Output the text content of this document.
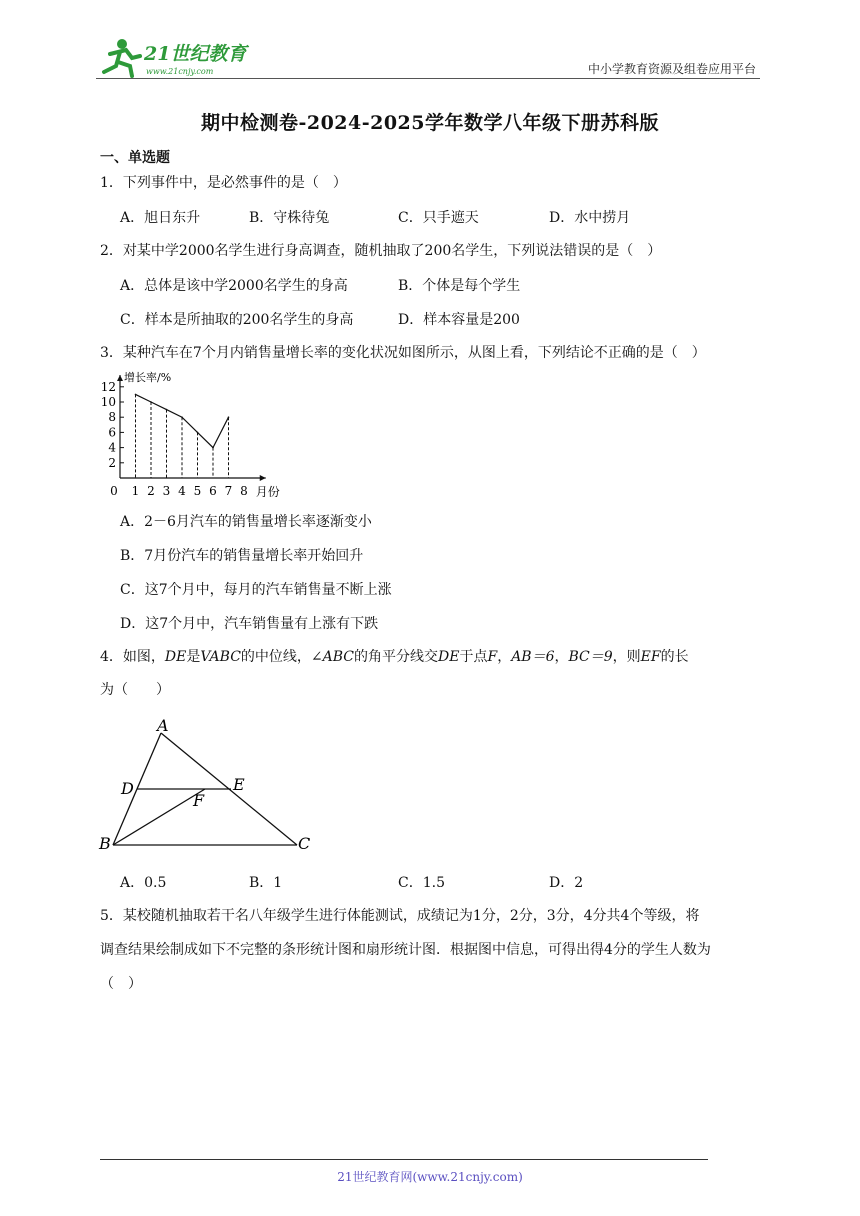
21世纪教育
www.21cnjy.com	中小学教育资源及组卷应用平台
期中检测卷-2024-2025学年数学八年级下册苏科版
一、单选题
1．下列事件中，是必然事件的是（　）
A．旭日东升	B．守株待兔	C．只手遮天	D．水中捞月
2．对某中学2000名学生进行身高调查，随机抽取了200名学生，下列说法错误的是（　）
A．总体是该中学2000名学生的身高	B．个体是每个学生
C．样本是所抽取的200名学生的身高	D．样本容量是200
3．某种汽车在7个月内销售量增长率的变化状况如图所示，从图上看，下列结论不正确的是（　）
2
4
6
8
10
12
0 1 2 3 4 5 6 7 8
增长率/%
月份
A．2－6月汽车的销售量增长率逐渐变小
B．7月份汽车的销售量增长率开始回升
C．这7个月中，每月的汽车销售量不断上涨
D．这7个月中，汽车销售量有上涨有下跌
4．如图，DE是VABC的中位线，∠ABC的角平分线交DE于点F，AB＝6，BC＝9，则EF的长
为（　　）
A
D	E
F
B	C
A．0.5	B．1	C．1.5	D．2
5．某校随机抽取若干名八年级学生进行体能测试，成绩记为1分，2分，3分，4分共4个等级，将
调查结果绘制成如下不完整的条形统计图和扇形统计图．根据图中信息，可得出得4分的学生人数为
（　）
21世纪教育网(www.21cnjy.com)
